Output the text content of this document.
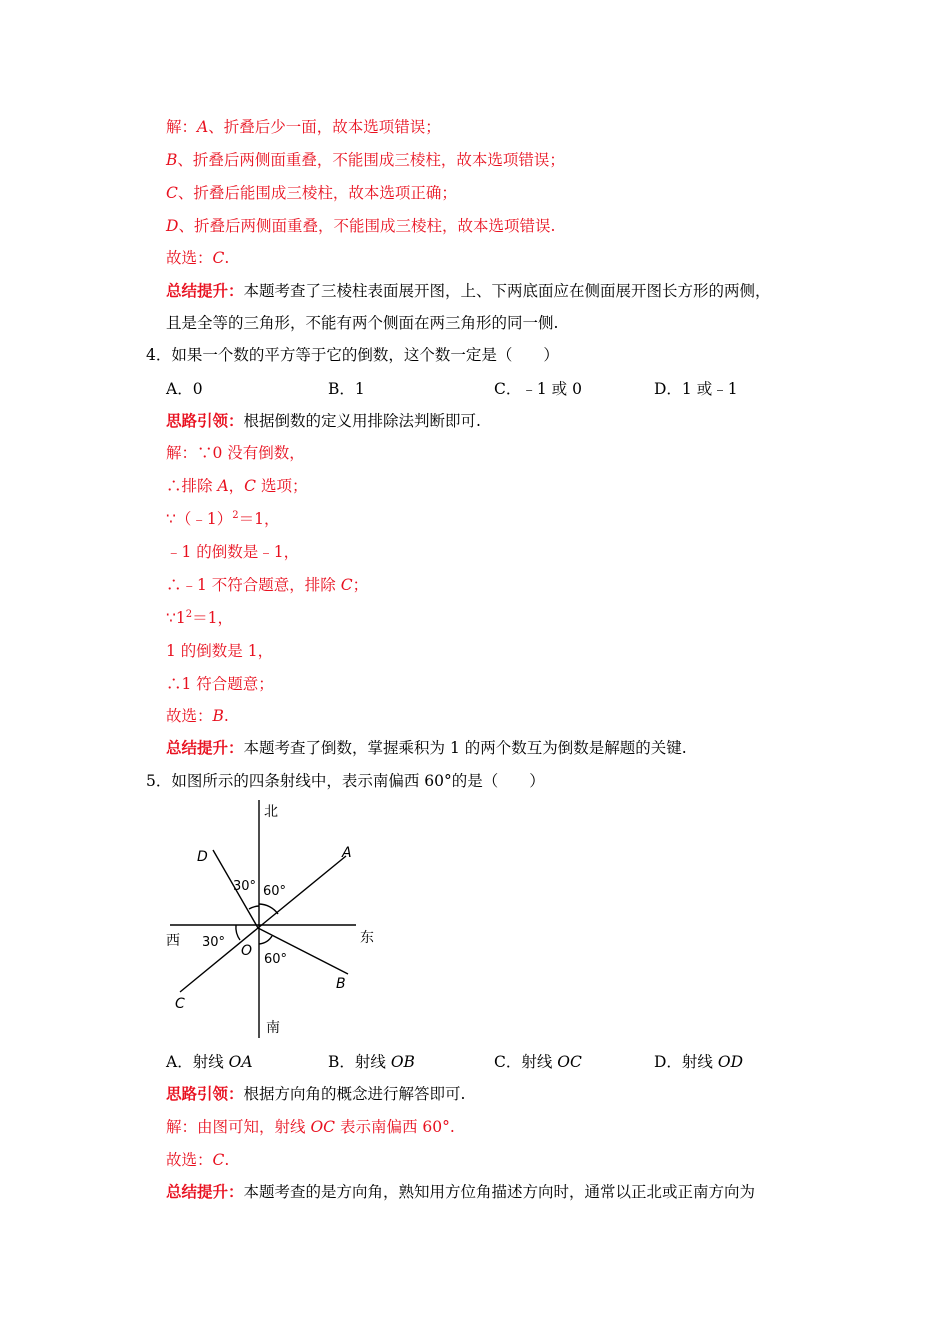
解：A、折叠后少一面，故本选项错误；
B、折叠后两侧面重叠，不能围成三棱柱，故本选项错误；
C、折叠后能围成三棱柱，故本选项正确；
D、折叠后两侧面重叠，不能围成三棱柱，故本选项错误.
故选：C.
总结提升：本题考查了三棱柱表面展开图，上、下两底面应在侧面展开图长方形的两侧，
且是全等的三角形，不能有两个侧面在两三角形的同一侧.
4．如果一个数的平方等于它的倒数，这个数一定是（　　）
A．0	B．1	C．﹣1 或 0	D．1 或﹣1
思路引领：根据倒数的定义用排除法判断即可.
解：∵0 没有倒数，
∴排除 A，C 选项；
∵（﹣1）$^2$＝1，
﹣1 的倒数是﹣1，
∴﹣1 不符合题意，排除 C；
$\because 1^2=1$，
1 的倒数是 1，
∴1 符合题意；
故选：B.
总结提升：本题考查了倒数，掌握乘积为 1 的两个数互为倒数是解题的关键.
5．如图所示的四条射线中，表示南偏西 60°的是（　　）
北
南
东
西
A
B
C
D
O
30° 60°
30°
60°
A．射线 OA	B．射线 OB	C．射线 OC	D．射线 OD
思路引领：根据方向角的概念进行解答即可.
解：由图可知，射线 OC 表示南偏西 60°.
故选：C.
总结提升：本题考查的是方向角，熟知用方位角描述方向时，通常以正北或正南方向为
